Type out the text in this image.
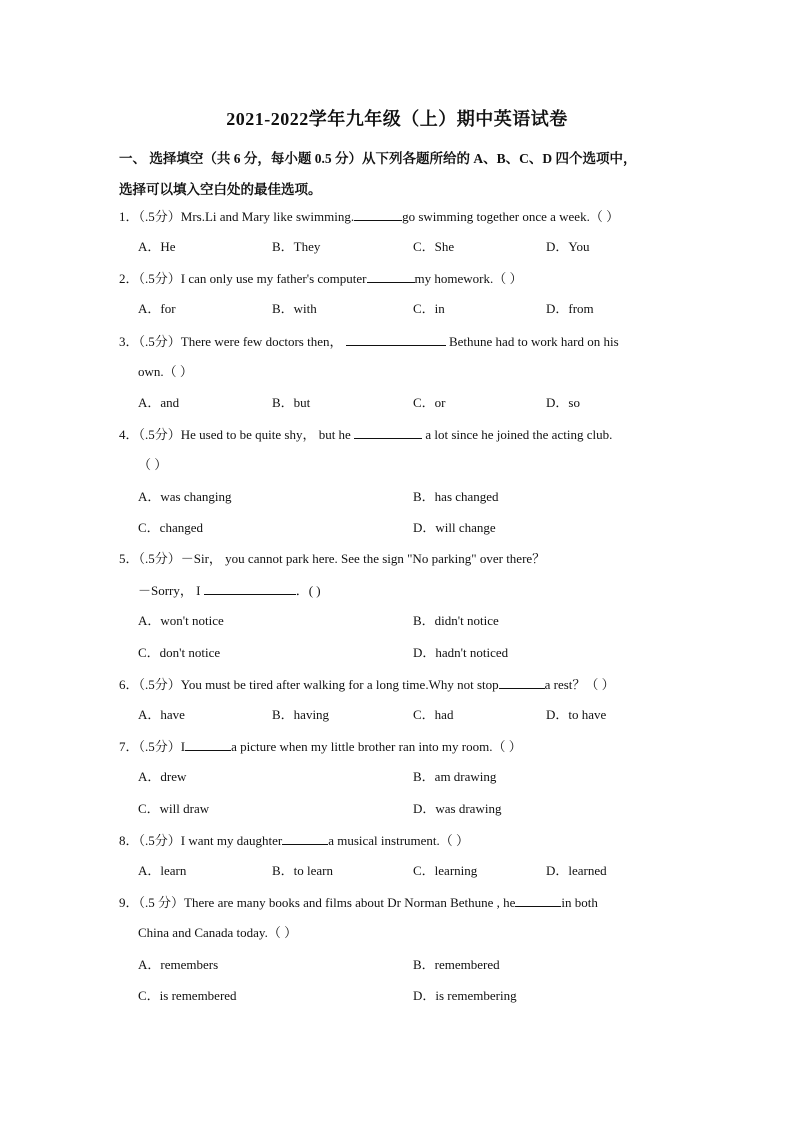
2021-2022学年九年级（上）期中英语试卷
一、 选择填空（共 6 分，每小题 0.5 分）从下列各题所给的 A、B、C、D 四个选项中，
选择可以填入空白处的最佳选项。
1．（.5分）Mrs.Li and Mary like swimming.	go swimming together once a week.（ ）
A．He	B．They	C．She	D．You
2．（.5分）I can only use my father's computer	my homework.（ ）
A．for	B．with	C．in	D．from
3．（.5分）There were few doctors then，	Bethune had to work hard on his
own.（ ）
A．and	B．but	C．or	D．so
4．（.5分）He used to be quite shy， but he	a lot since he joined the acting club.
（ ）
A．was changing	B．has changed
C．changed	D．will change
5．（.5分）－Sir， you cannot park here. See the sign "No parking" over there？
－Sorry， I	．( )
A．won't notice	B．didn't notice
C．don't notice	D．hadn't noticed
6．（.5分）You must be tired after walking for a long time.Why not stop	a rest？（ ）
A．have	B．having	C．had	D．to have
7．（.5分）I	a picture when my little brother ran into my room.（ ）
A．drew	B．am drawing
C．will draw	D．was drawing
8．（.5分）I want my daughter	a musical instrument.（ ）
A．learn	B．to learn	C．learning	D．learned
9．（.5 分）There are many books and films about Dr Norman Bethune , he	in both
China and Canada today.（ ）
A．remembers	B．remembered
C．is remembered	D．is remembering
